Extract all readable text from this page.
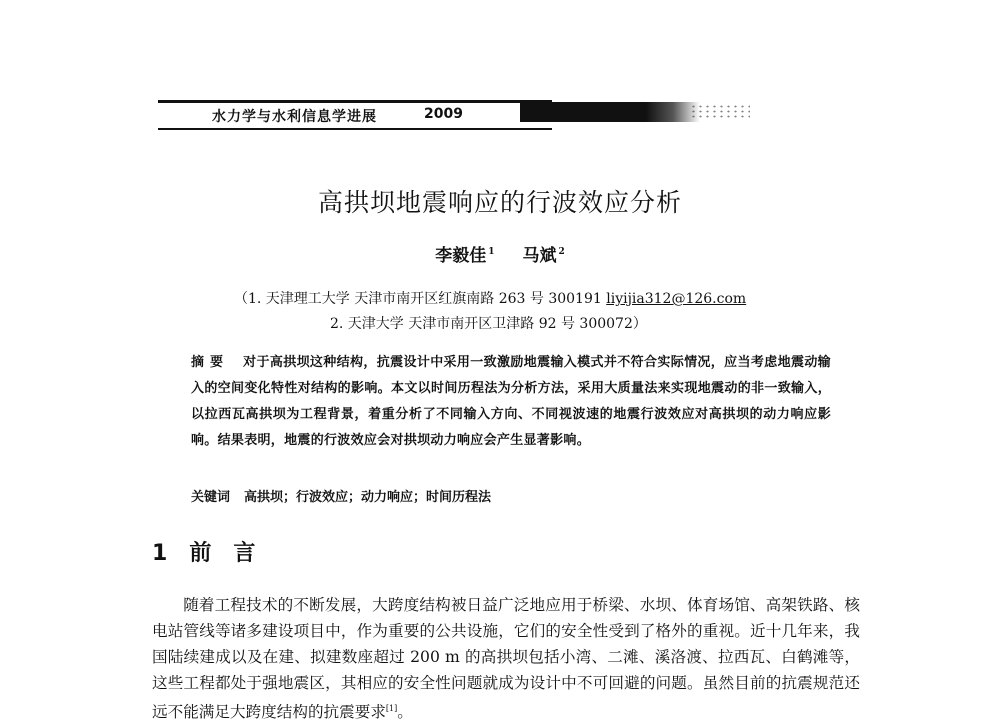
水力学与水利信息学进展	2009
高拱坝地震响应的行波效应分析
李毅佳 $^1$ 马斌 $^2$
（1. 天津理工大学 天津市南开区红旗南路 263 号 300191 liyijia312@126.com
2. 天津大学 天津市南开区卫津路 92 号 300072）
摘要 对于高拱坝这种结构，抗震设计中采用一致激励地震输入模式并不符合实际情况，应当考虑地震动输入的空间变化特性对结构的影响。本文以时间历程法为分析方法，采用大质量法来实现地震动的非一致输入，以拉西瓦高拱坝为工程背景，着重分析了不同输入方向、不同视波速的地震行波效应对高拱坝的动力响应影响。结果表明，地震的行波效应会对拱坝动力响应会产生显著影响。
关键词 高拱坝；行波效应；动力响应；时间历程法
1 前言

随着工程技术的不断发展，大跨度结构被日益广泛地应用于桥梁、水坝、体育场馆、高架铁路、核电站管线等诸多建设项目中，作为重要的公共设施，它们的安全性受到了格外的重视。近十几年来，我国陆续建成以及在建、拟建数座超过 200 m 的高拱坝包括小湾、二滩、溪洛渡、拉西瓦、白鹤滩等，这些工程都处于强地震区，其相应的安全性问题就成为设计中不可回避的问题。虽然目前的抗震规范还远不能满足大跨度结构的抗震要求[1]。
